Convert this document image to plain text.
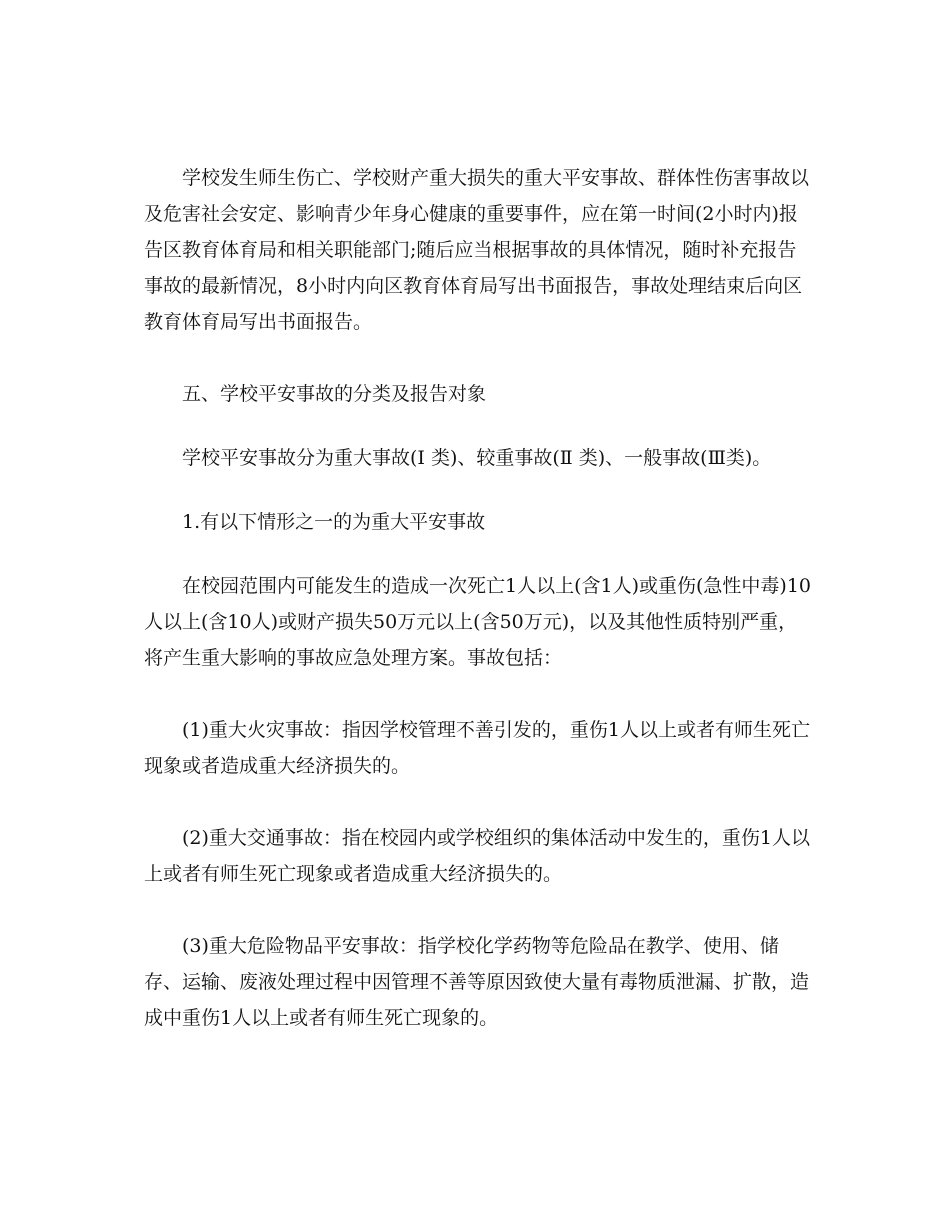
学校发生师生伤亡、学校财产重大损失的重大平安事故、群体性伤害事故以及危害社会安定、影响青少年身心健康的重要事件，应在第一时间(2小时内)报告区教育体育局和相关职能部门;随后应当根据事故的具体情况，随时补充报告事故的最新情况，8小时内向区教育体育局写出书面报告，事故处理结束后向区教育体育局写出书面报告。

五、学校平安事故的分类及报告对象

学校平安事故分为重大事故(Ⅰ 类)、较重事故(Ⅱ 类)、一般事故(Ⅲ类)。

1.有以下情形之一的为重大平安事故

在校园范围内可能发生的造成一次死亡1人以上(含1人)或重伤(急性中毒)10人以上(含10人)或财产损失50万元以上(含50万元)，以及其他性质特别严重，将产生重大影响的事故应急处理方案。事故包括：

(1)重大火灾事故：指因学校管理不善引发的，重伤1人以上或者有师生死亡现象或者造成重大经济损失的。

(2)重大交通事故：指在校园内或学校组织的集体活动中发生的，重伤1人以上或者有师生死亡现象或者造成重大经济损失的。

(3)重大危险物品平安事故：指学校化学药物等危险品在教学、使用、储存、运输、废液处理过程中因管理不善等原因致使大量有毒物质泄漏、扩散，造成中重伤1人以上或者有师生死亡现象的。
